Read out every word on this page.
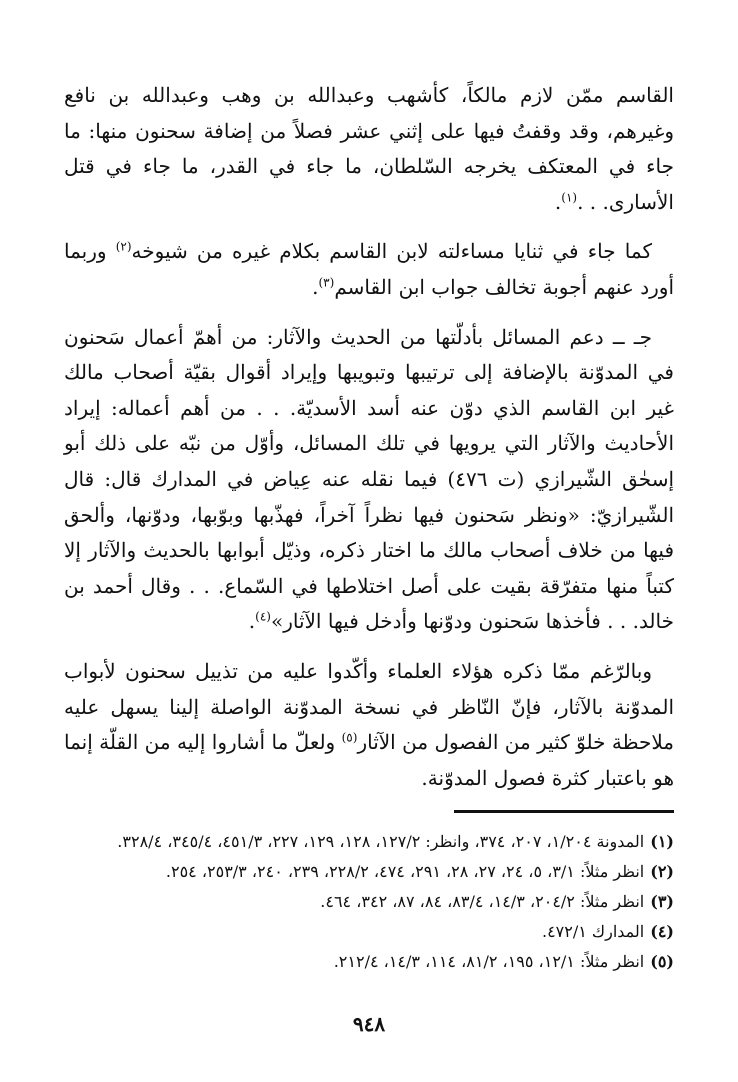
القاسم ممّن لازم مالكاً، كأشهب وعبدالله بن وهب وعبدالله بن نافع وغيرهم، وقد وقفتُ فيها على إثني عشر فصلاً من إضافة سحنون منها: ما جاء في المعتكف يخرجه السّلطان، ما جاء في القدر، ما جاء في قتل الأسارى. . .$^{(١)}$.

كما جاء في ثنايا مساءلته لابن القاسم بكلام غيره من شيوخه$^{(٢)}$ وربما أورد عنهم أجوبة تخالف جواب ابن القاسم$^{(٣)}$.

جـ ــ دعم المسائل بأدلّتها من الحديث والآثار: من أهمّ أعمال سَحنون في المدوّنة بالإضافة إلى ترتيبها وتبويبها وإيراد أقوال بقيّة أصحاب مالك غير ابن القاسم الذي دوّن عنه أسد الأسديّة. . . من أهم أعماله: إيراد الأحاديث والآثار التي يرويها في تلك المسائل، وأوّل من نبّه على ذلك أبو إسحٰق الشّيرازي (ت ٤٧٦) فيما نقله عنه عِياض في المدارك قال: قال الشّيرازيّ: «ونظر سَحنون فيها نظراً آخراً، فهذّبها وبوّبها، ودوّنها، وألحق فيها من خلاف أصحاب مالك ما اختار ذكره، وذيّل أبوابها بالحديث والآثار إلا كتباً منها متفرّقة بقيت على أصل اختلاطها في السّماع. . . وقال أحمد بن خالد. . . فأخذها سَحنون ودوّنها وأدخل فيها الآثار»$^{(٤)}$.

وبالرّغم ممّا ذكره هؤلاء العلماء وأكّدوا عليه من تذييل سحنون لأبواب المدوّنة بالآثار، فإنّ النّاظر في نسخة المدوّنة الواصلة إلينا يسهل عليه ملاحظة خلوّ كثير من الفصول من الآثار$^{(٥)}$ ولعلّ ما أشاروا إليه من القلّة إنما هو باعتبار كثرة فصول المدوّنة.

(١)
المدونة ١/٢٠٤، ٢٠٧، ٣٧٤، وانظر: ١٢٧/٢، ١٢٨، ١٢٩، ٢٢٧، ٤٥١/٣، ٣٤٥/٤، ٣٢٨/٤.
(٢)
انظر مثلاً: ٣/١، ٥، ٢٤، ٢٧، ٢٨، ٢٩١، ٤٧٤، ٢٢٨/٢، ٢٣٩، ٢٤٠، ٢٥٣/٣، ٢٥٤.
(٣)
انظر مثلاً: ٢٠٤/٢، ١٤/٣، ٨٣/٤، ٨٤، ٨٧، ٣٤٢، ٤٦٤.
(٤)
المدارك ٤٧٢/١.
(٥)
انظر مثلاً: ١٢/١، ١٩٥، ٨١/٢، ١١٤، ١٤/٣، ٢١٢/٤.
٩٤٨
